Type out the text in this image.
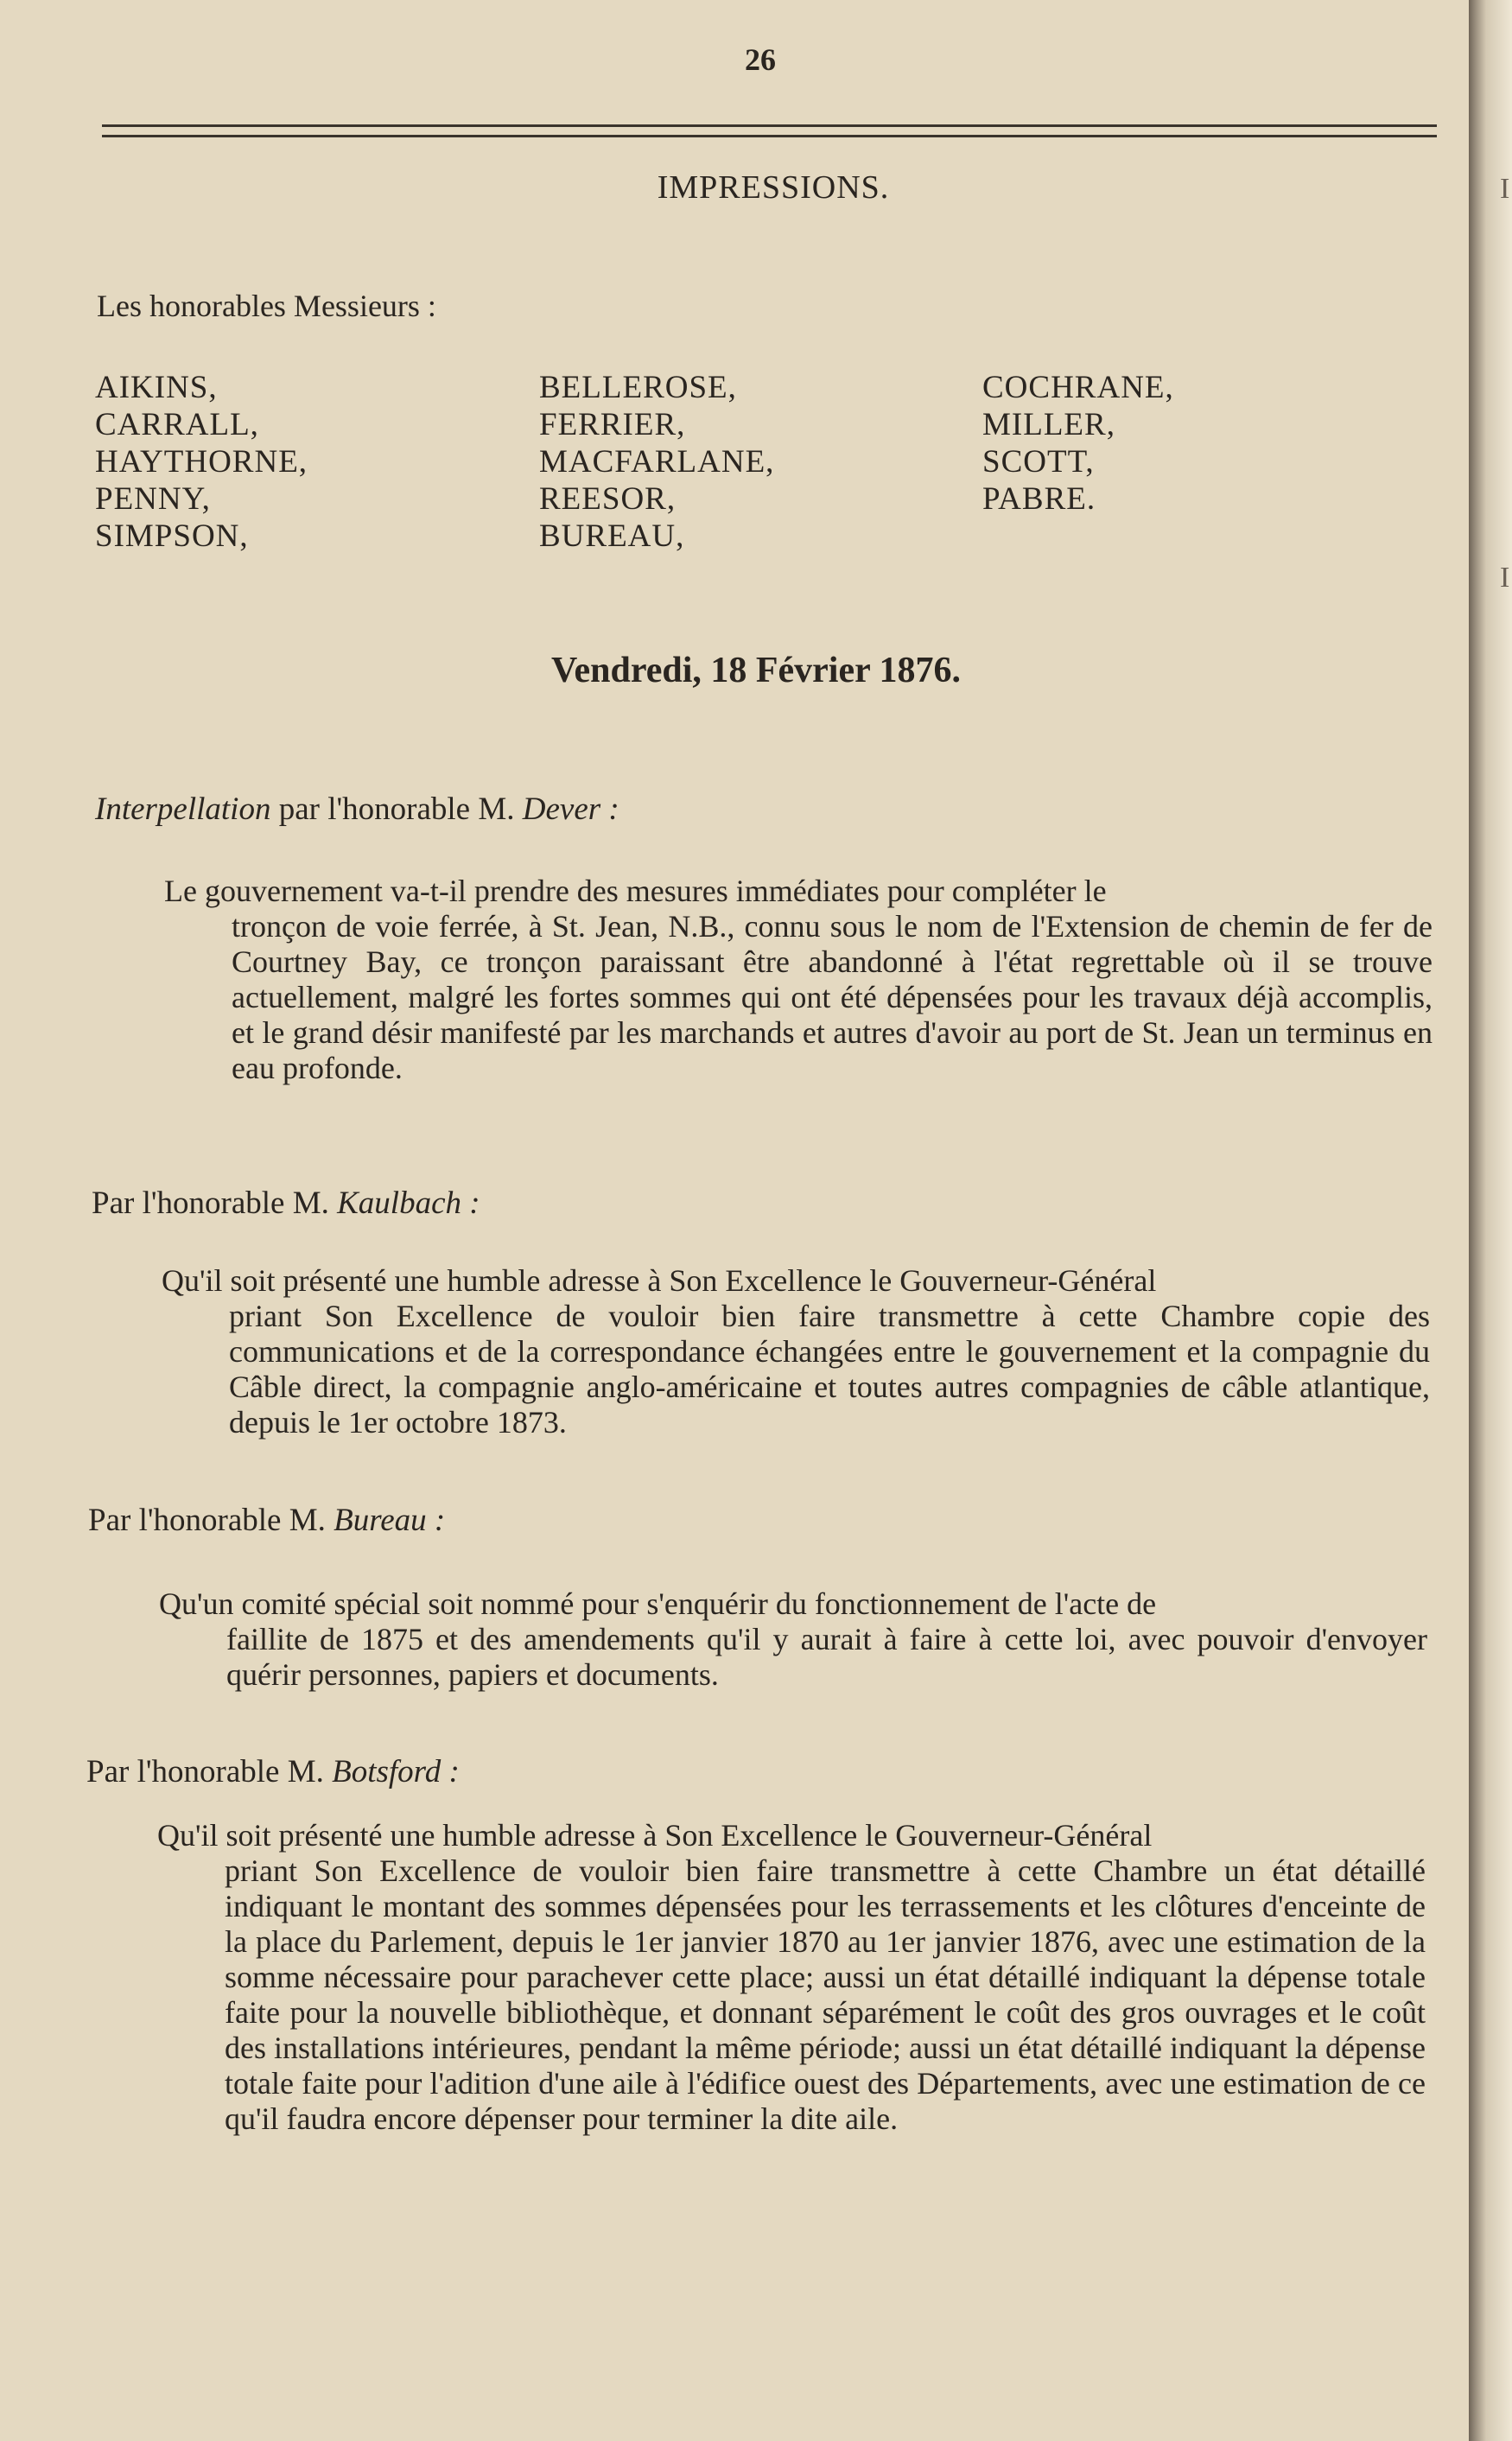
26
IMPRESSIONS.
Les honorables Messieurs :
AIKINS,
CARRALL,
HAYTHORNE,
PENNY,
SIMPSON,
BELLEROSE,
FERRIER,
MACFARLANE,
REESOR,
BUREAU,
COCHRANE,
MILLER,
SCOTT,
PABRE.
Vendredi, 18 Février 1876.
Interpellation par l'honorable M. Dever :
Le gouvernement va-t-il prendre des mesures immédiates pour compléter le
tronçon de voie ferrée, à St. Jean, N.B., connu sous le nom de l'Extension de chemin de fer de Courtney Bay, ce tronçon paraissant être abandonné à l'état regrettable où il se trouve actuellement, malgré les fortes sommes qui ont été dépensées pour les travaux déjà accomplis, et le grand désir manifesté par les marchands et autres d'avoir au port de St. Jean un terminus en eau profonde.
Par l'honorable M. Kaulbach :
Qu'il soit présenté une humble adresse à Son Excellence le Gouverneur-Général
priant Son Excellence de vouloir bien faire transmettre à cette Chambre copie des communications et de la correspondance échangées entre le gouvernement et la compagnie du Câble direct, la compagnie anglo-américaine et toutes autres compagnies de câble atlantique, depuis le 1er octobre 1873.
Par l'honorable M. Bureau :
Qu'un comité spécial soit nommé pour s'enquérir du fonctionnement de l'acte de
faillite de 1875 et des amendements qu'il y aurait à faire à cette loi, avec pouvoir d'envoyer quérir personnes, papiers et documents.
Par l'honorable M. Botsford :
Qu'il soit présenté une humble adresse à Son Excellence le Gouverneur-Général
priant Son Excellence de vouloir bien faire transmettre à cette Chambre un état détaillé indiquant le montant des sommes dépensées pour les terrassements et les clôtures d'enceinte de la place du Parlement, depuis le 1er janvier 1870 au 1er janvier 1876, avec une estimation de la somme nécessaire pour parachever cette place; aussi un état détaillé indiquant la dépense totale faite pour la nouvelle bibliothèque, et donnant séparément le coût des gros ouvrages et le coût des installations intérieures, pendant la même période; aussi un état détaillé indiquant la dépense totale faite pour l'adition d'une aile à l'édifice ouest des Départements, avec une estimation de ce qu'il faudra encore dépenser pour terminer la dite aile.
I
I
